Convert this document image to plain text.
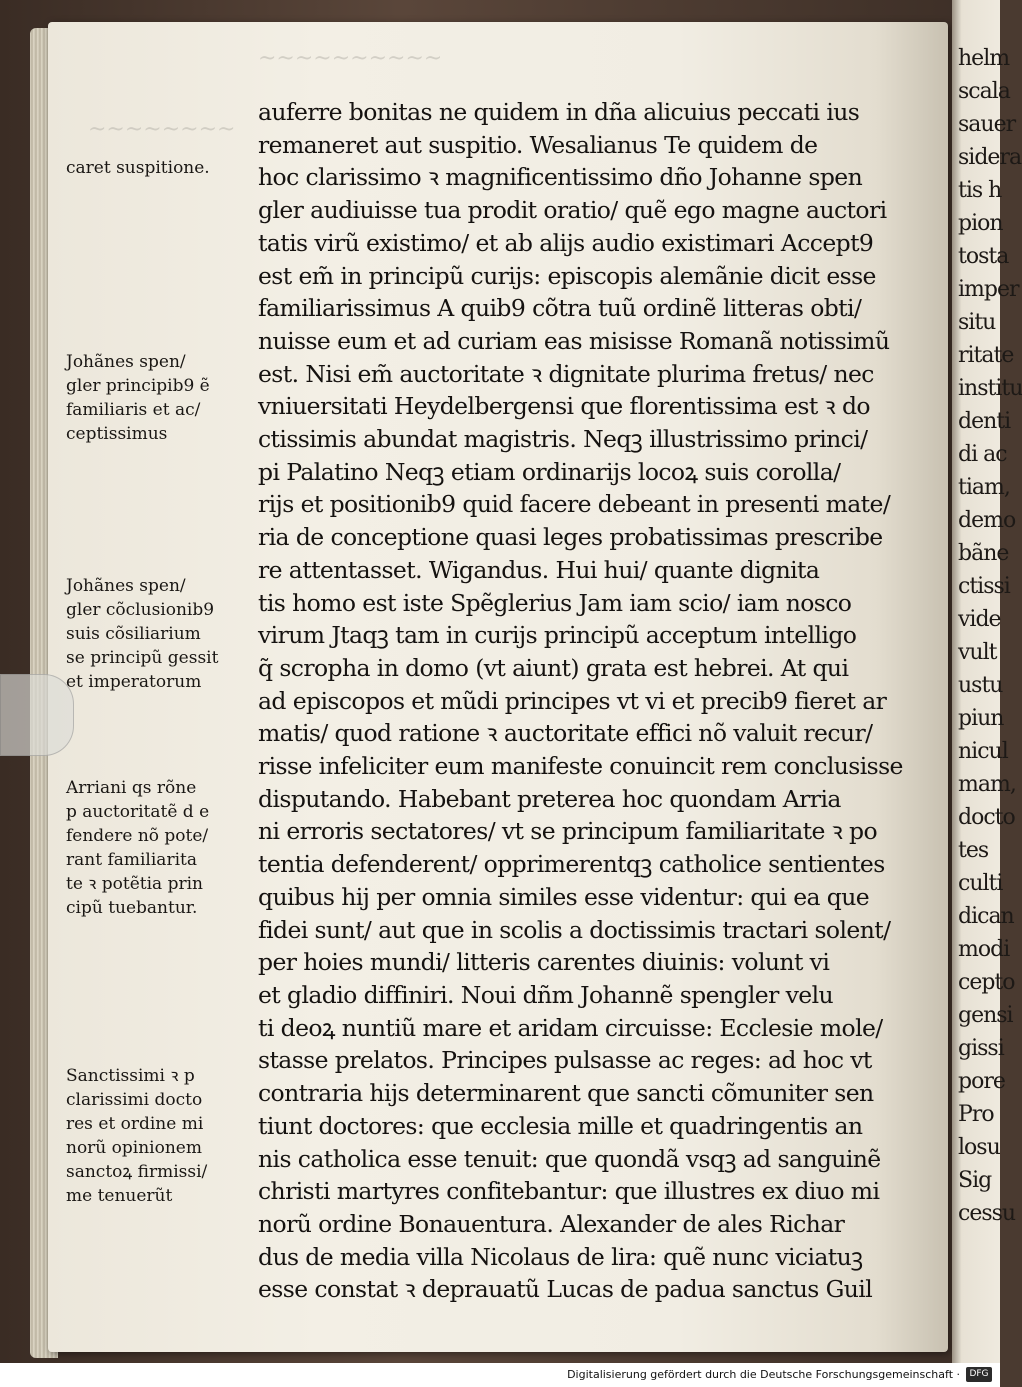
~~~~~~~~~~
~~~~~~~~
caret suspitione.
Johãnes spen/
gler principib9 ẽ
familiaris et ac/
ceptissimus
Johãnes spen/
gler cõclusionib9
suis cõsiliarium
se principũ gessit
et imperatorum
Arriani qs rõne
p auctoritatẽ d e
fendere nõ pote/
rant familiarita
te ꝛ potẽtia prin
cipũ tuebantur.
Sanctissimi ꝛ p
clarissimi docto
res et ordine mi
norũ opinionem
sanctoꝝ firmissi/
me tenuerũt
auferre bonitas ne quidem in dña alicuius peccati ius
remaneret aut suspitio. Wesalianus Te quidem de
hoc clarissimo ꝛ magnificentissimo dño Johanne spen
gler audiuisse tua prodit oratio/ quẽ ego magne auctori
tatis virũ existimo/ et ab alijs audio existimari Accept9
est em̃ in principũ curijs: episcopis alemãnie dicit esse
familiarissimus A quib9 cõtra tuũ ordinẽ litteras obti/
nuisse eum et ad curiam eas misisse Romanã notissimũ
est. Nisi em̃ auctoritate ꝛ dignitate plurima fretus/ nec
vniuersitati Heydelbergensi que florentissima est ꝛ do
ctissimis abundat magistris. Neqꝫ illustrissimo princi/
pi Palatino Neqꝫ etiam ordinarijs locoꝝ suis corolla/
rijs et positionib9 quid facere debeant in presenti mate/
ria de conceptione quasi leges probatissimas prescribe
re attentasset. Wigandus. Hui hui/ quante dignita
tis homo est iste Spẽglerius Jam iam scio/ iam nosco
virum Jtaqꝫ tam in curijs principũ acceptum intelligo
q̃ scropha in domo (vt aiunt) grata est hebrei. At qui
ad episcopos et mũdi principes vt vi et precib9 fieret ar
matis/ quod ratione ꝛ auctoritate effici nõ valuit recur/
risse infeliciter eum manifeste conuincit rem conclusisse
disputando. Habebant preterea hoc quondam Arria
ni erroris sectatores/ vt se principum familiaritate ꝛ po
tentia defenderent/ opprimerentqꝫ catholice sentientes
quibus hij per omnia similes esse videntur: qui ea que
fidei sunt/ aut que in scolis a doctissimis tractari solent/
per hoies mundi/ litteris carentes diuinis: volunt vi
et gladio diffiniri. Noui dñm Johannẽ spengler velu
ti deoꝝ nuntiũ mare et aridam circuisse: Ecclesie mole/
stasse prelatos. Principes pulsasse ac reges: ad hoc vt
contraria hijs determinarent que sancti cõmuniter sen
tiunt doctores: que ecclesia mille et quadringentis an
nis catholica esse tenuit: que quondã vsqꝫ ad sanguinẽ
christi martyres confitebantur: que illustres ex diuo mi
norũ ordine Bonauentura. Alexander de ales Richar
dus de media villa Nicolaus de lira: quẽ nunc viciatuꝫ
esse constat ꝛ deprauatũ Lucas de padua sanctus Guil
helm
scala
sauer
sidera
tis h
pion
tosta
imper
situ
ritate
institu
denti
di ac
tiam,
demo
bãne
ctissi
vide
vult
ustu
piun
nicul
mam,
docto
tes
culti
dican
modi
cepto
gensi
gissi
pore
Pro
losu
Sig
cessu
Digitalisierung gefördert durch die Deutsche Forschungsgemeinschaft ·	DFG
